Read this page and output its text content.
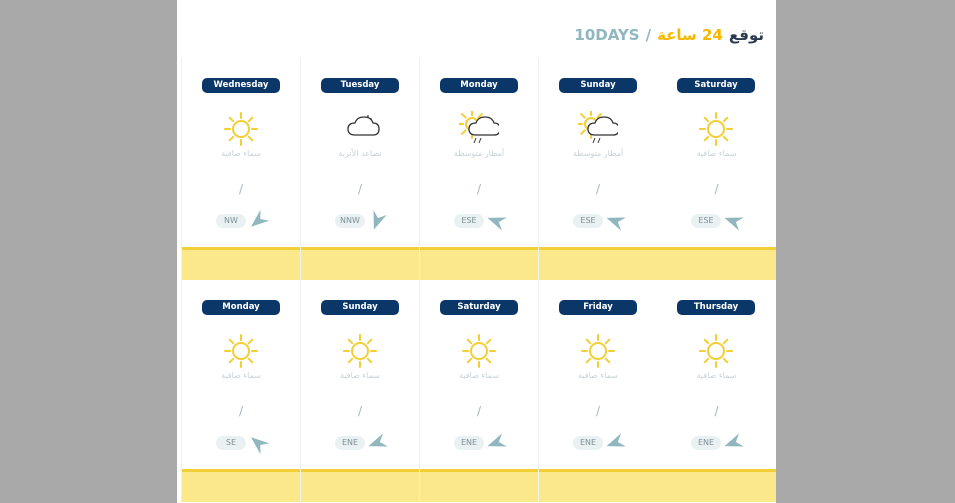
توقع
24 ساعة
/
10DAYS
Saturday
سماء صافية
/
ESE
Sunday
أمطار متوسطة
/
ESE
Monday
أمطار متوسطة
/
ESE
Tuesday
تصاعد الأتربة
/
NNW
Wednesday
سماء صافية
/
NW
Thursday
سماء صافية
/
ENE
Friday
سماء صافية
/
ENE
Saturday
سماء صافية
/
ENE
Sunday
سماء صافية
/
ENE
Monday
سماء صافية
/
SE
